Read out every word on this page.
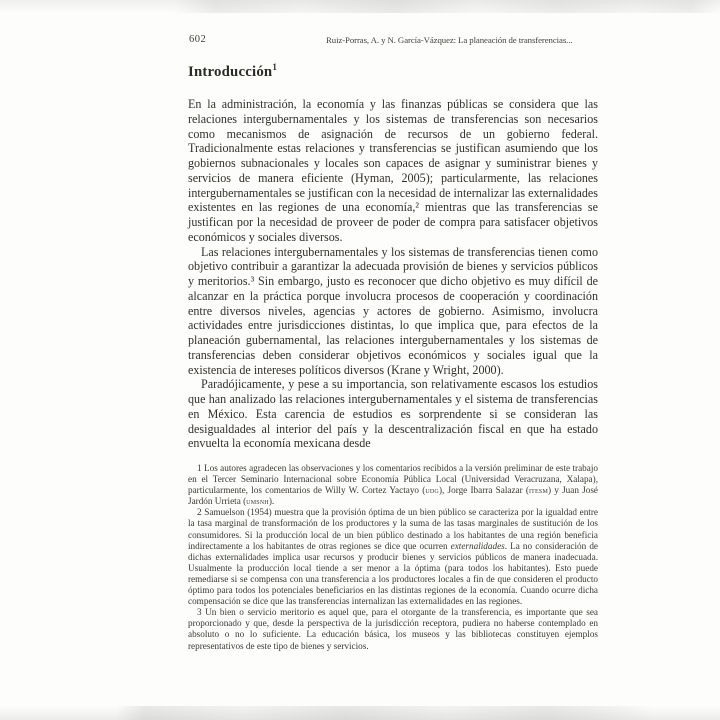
602	Ruiz-Porras, A. y N. García-Vázquez: La planeación de transferencias...
Introducción$^1$

En la administración, la economía y las finanzas públicas se considera que las relaciones intergubernamentales y los sistemas de transferencias son necesarios como mecanismos de asignación de recursos de un gobierno federal. Tradicionalmente estas relaciones y transferencias se justifican asumiendo que los gobiernos subnacionales y locales son capaces de asignar y suministrar bienes y servicios de manera eficiente (Hyman, 2005); particularmente, las relaciones intergubernamentales se justifican con la necesidad de internalizar las externalidades existentes en las regiones de una economía,² mientras que las transferencias se justifican por la necesidad de proveer de poder de compra para satisfacer objetivos económicos y sociales diversos.

Las relaciones intergubernamentales y los sistemas de transferencias tienen como objetivo contribuir a garantizar la adecuada provisión de bienes y servicios públicos y meritorios.³ Sin embargo, justo es reconocer que dicho objetivo es muy difícil de alcanzar en la práctica porque involucra procesos de cooperación y coordinación entre diversos niveles, agencias y actores de gobierno. Asimismo, involucra actividades entre jurisdicciones distintas, lo que implica que, para efectos de la planeación gubernamental, las relaciones intergubernamentales y los sistemas de transferencias deben considerar objetivos económicos y sociales igual que la existencia de intereses políticos diversos (Krane y Wright, 2000).

Paradójicamente, y pese a su importancia, son relativamente escasos los estudios que han analizado las relaciones intergubernamentales y el sistema de transferencias en México. Esta carencia de estudios es sorprendente si se consideran las desigualdades al interior del país y la descentralización fiscal en que ha estado envuelta la economía mexicana desde

1 Los autores agradecen las observaciones y los comentarios recibidos a la versión preliminar de este trabajo en el Tercer Seminario Internacional sobre Economía Pública Local (Universidad Veracruzana, Xalapa), particularmente, los comentarios de Willy W. Cortez Yactayo (udg), Jorge Ibarra Salazar (itesm) y Juan José Jardón Urrieta (umsnh).

2 Samuelson (1954) muestra que la provisión óptima de un bien público se caracteriza por la igualdad entre la tasa marginal de transformación de los productores y la suma de las tasas marginales de sustitución de los consumidores. Si la producción local de un bien público destinado a los habitantes de una región beneficia indirectamente a los habitantes de otras regiones se dice que ocurren externalidades. La no consideración de dichas externalidades implica usar recursos y producir bienes y servicios públicos de manera inadecuada. Usualmente la producción local tiende a ser menor a la óptima (para todos los habitantes). Esto puede remediarse si se compensa con una transferencia a los productores locales a fin de que consideren el producto óptimo para todos los potenciales beneficiarios en las distintas regiones de la economía. Cuando ocurre dicha compensación se dice que las transferencias internalizan las externalidades en las regiones.

3 Un bien o servicio meritorio es aquel que, para el otorgante de la transferencia, es importante que sea proporcionado y que, desde la perspectiva de la jurisdicción receptora, pudiera no haberse contemplado en absoluto o no lo suficiente. La educación básica, los museos y las bibliotecas constituyen ejemplos representativos de este tipo de bienes y servicios.
